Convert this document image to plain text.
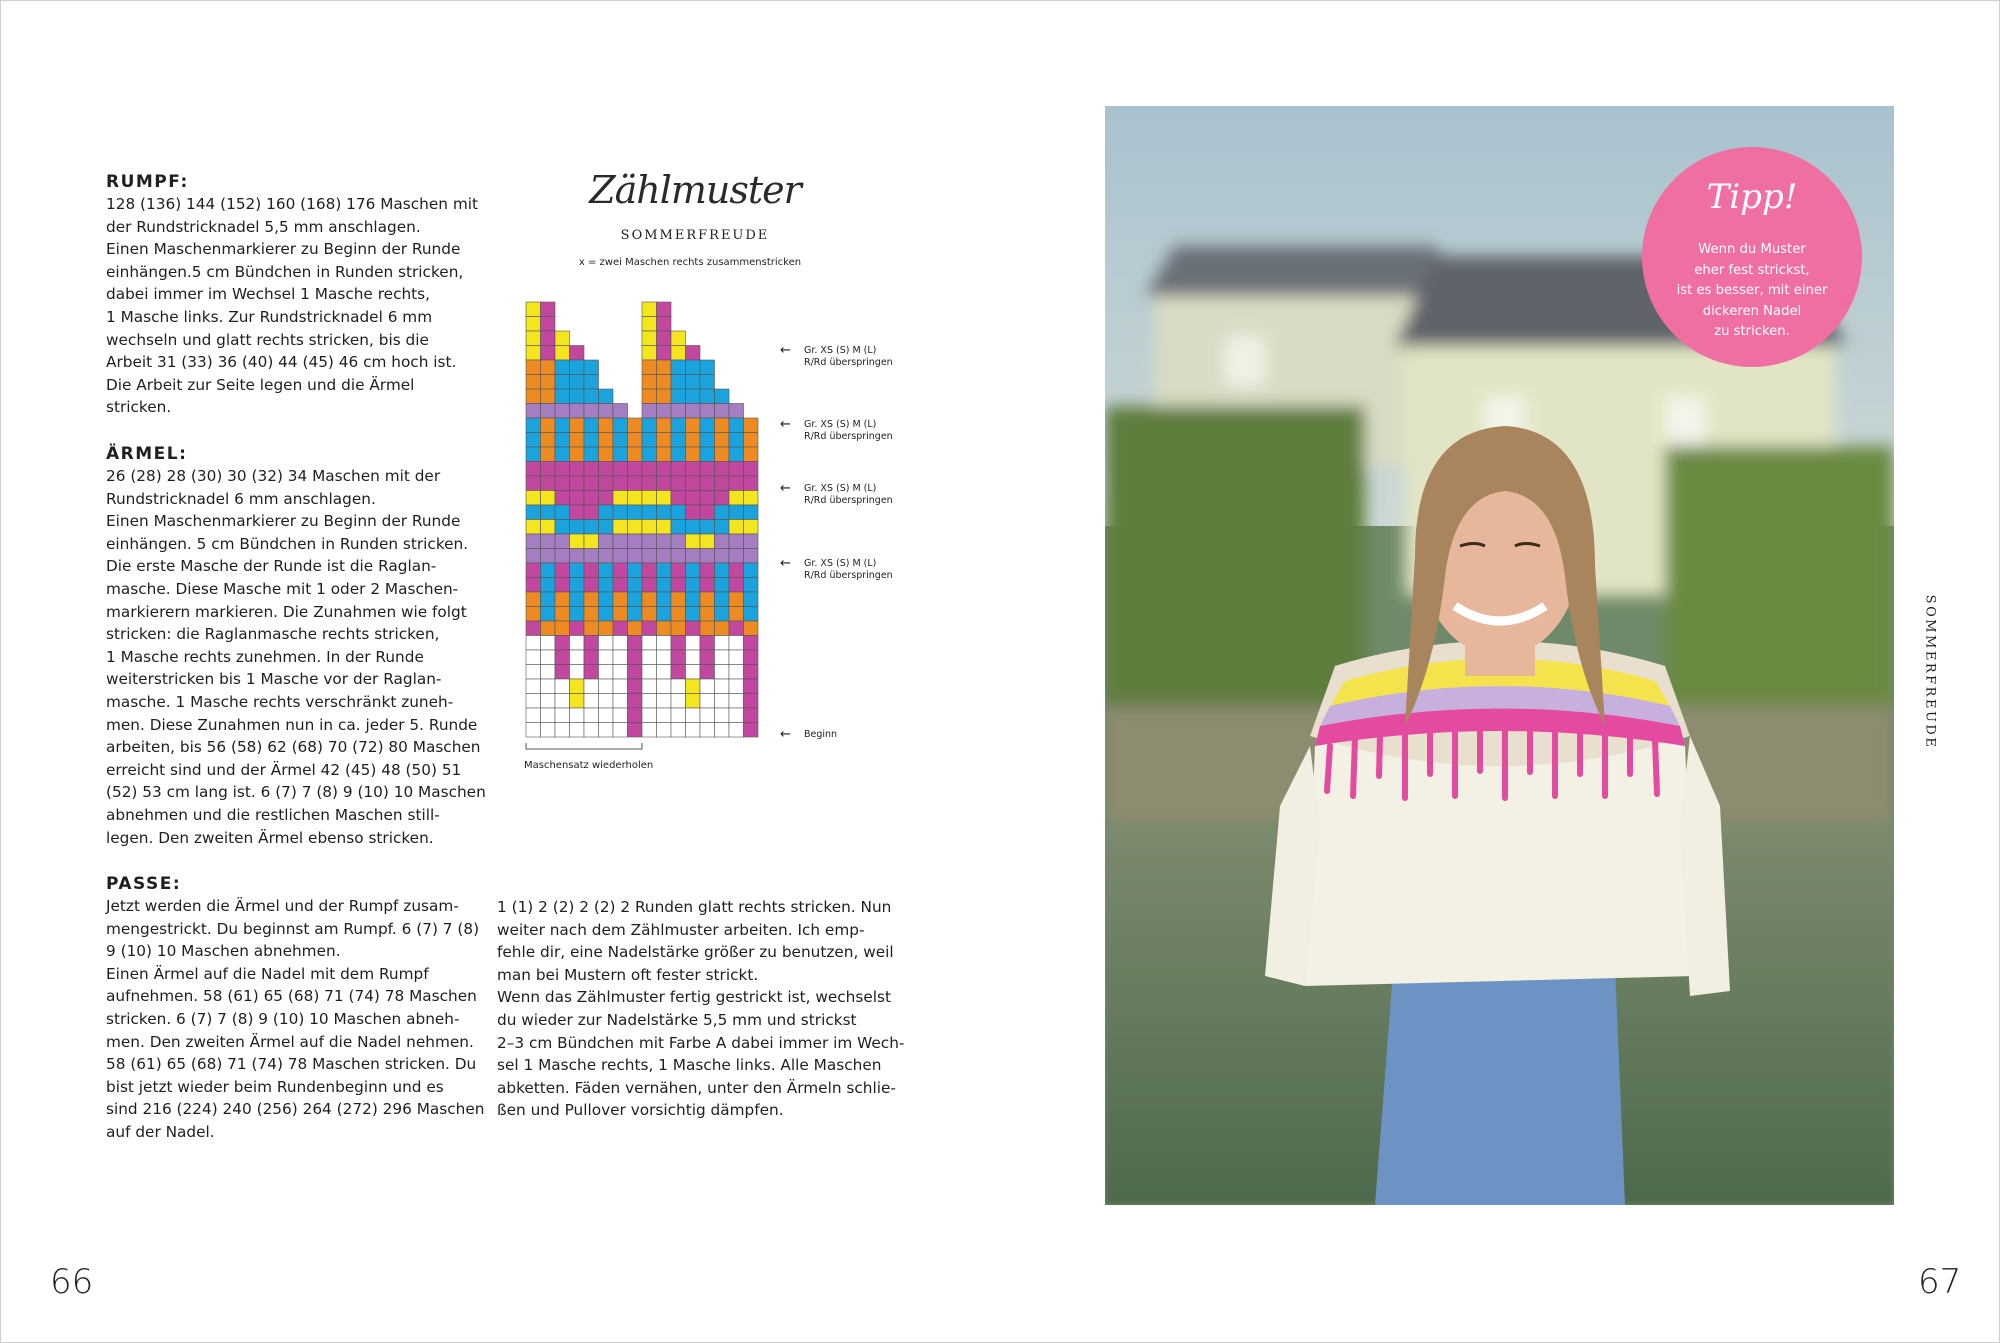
RUMPF:

128 (136) 144 (152) 160 (168) 176 Maschen mit

der Rundstricknadel 5,5 mm anschlagen.

Einen Maschenmarkierer zu Beginn der Runde

einhängen.5 cm Bündchen in Runden stricken,

dabei immer im Wechsel 1 Masche rechts,

1 Masche links. Zur Rundstricknadel 6 mm

wechseln und glatt rechts stricken, bis die

Arbeit 31 (33) 36 (40) 44 (45) 46 cm hoch ist.

Die Arbeit zur Seite legen und die Ärmel

stricken.

ÄRMEL:

26 (28) 28 (30) 30 (32) 34 Maschen mit der

Rundstricknadel 6 mm anschlagen.

Einen Maschenmarkierer zu Beginn der Runde

einhängen. 5 cm Bündchen in Runden stricken.

Die erste Masche der Runde ist die Raglan-

masche. Diese Masche mit 1 oder 2 Maschen-

markierern markieren. Die Zunahmen wie folgt

stricken: die Raglanmasche rechts stricken,

1 Masche rechts zunehmen. In der Runde

weiterstricken bis 1 Masche vor der Raglan-

masche. 1 Masche rechts verschränkt zuneh-

men. Diese Zunahmen nun in ca. jeder 5. Runde

arbeiten, bis 56 (58) 62 (68) 70 (72) 80 Maschen

erreicht sind und der Ärmel 42 (45) 48 (50) 51

(52) 53 cm lang ist. 6 (7) 7 (8) 9 (10) 10 Maschen

abnehmen und die restlichen Maschen still-

legen. Den zweiten Ärmel ebenso stricken.

PASSE:

Jetzt werden die Ärmel und der Rumpf zusam-

mengestrickt. Du beginnst am Rumpf. 6 (7) 7 (8)

9 (10) 10 Maschen abnehmen.

Einen Ärmel auf die Nadel mit dem Rumpf

aufnehmen. 58 (61) 65 (68) 71 (74) 78 Maschen

stricken. 6 (7) 7 (8) 9 (10) 10 Maschen abneh-

men. Den zweiten Ärmel auf die Nadel nehmen.

58 (61) 65 (68) 71 (74) 78 Maschen stricken. Du

bist jetzt wieder beim Rundenbeginn und es

sind 216 (224) 240 (256) 264 (272) 296 Maschen

auf der Nadel.

1 (1) 2 (2) 2 (2) 2 Runden glatt rechts stricken. Nun

weiter nach dem Zählmuster arbeiten. Ich emp-

fehle dir, eine Nadelstärke größer zu benutzen, weil

man bei Mustern oft fester strickt.

Wenn das Zählmuster fertig gestrickt ist, wechselst

du wieder zur Nadelstärke 5,5 mm und strickst

2–3 cm Bündchen mit Farbe A dabei immer im Wech-

sel 1 Masche rechts, 1 Masche links. Alle Maschen

abketten. Fäden vernähen, unter den Ärmeln schlie-

ßen und Pullover vorsichtig dämpfen.

Zählmuster
SOMMERFREUDE
x = zwei Maschen rechts zusammenstricken
← Gr. XS (S) M (L)
R/Rd überspringen
← Gr. XS (S) M (L)
R/Rd überspringen
← Gr. XS (S) M (L)
R/Rd überspringen
← Gr. XS (S) M (L)
R/Rd überspringen
← Beginn
Maschensatz wiederholen
66
Tipp!
Wenn du Muster
eher fest strickst,
ist es besser, mit einer
dickeren Nadel
zu stricken.
SOMMERFREUDE
67
